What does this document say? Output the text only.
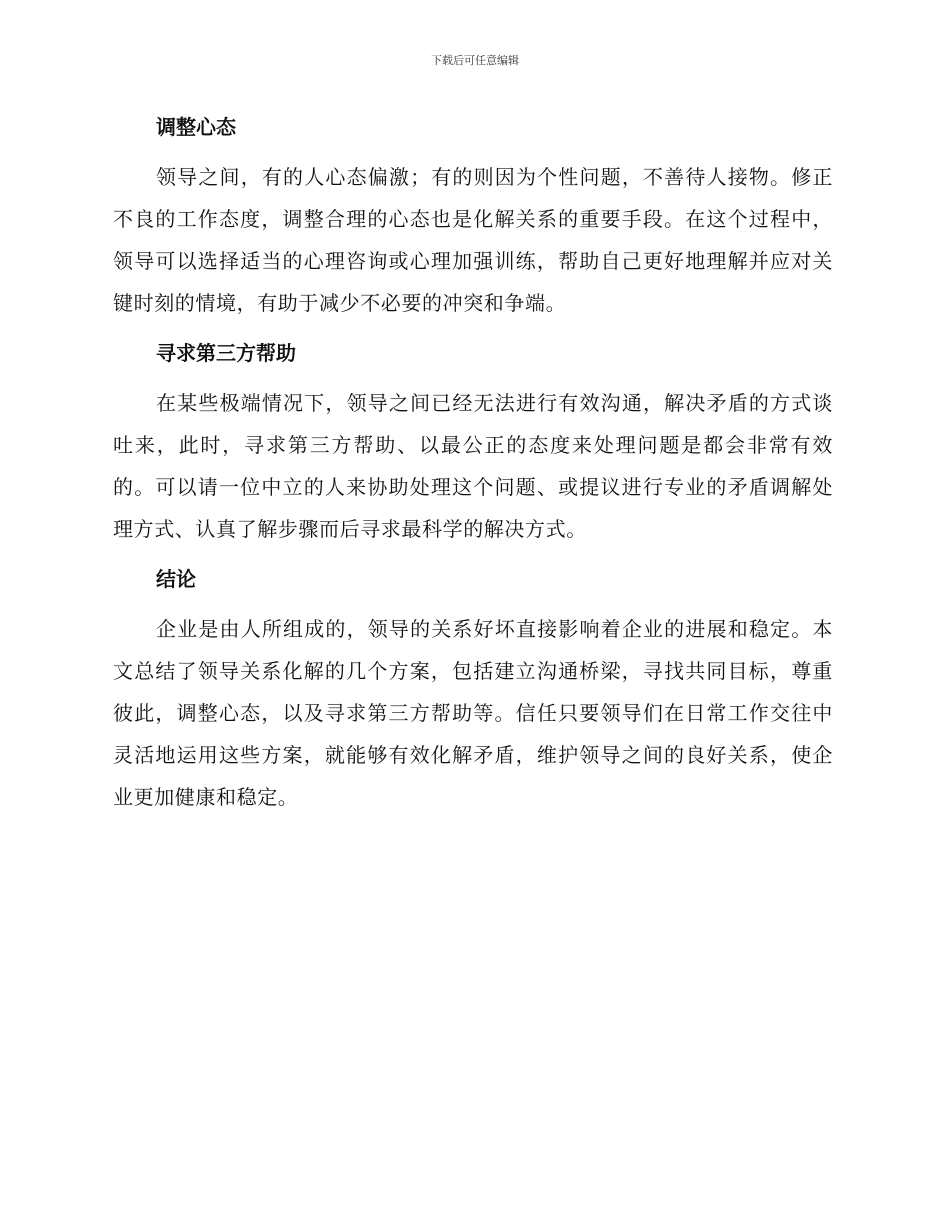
下载后可任意编辑
调整心态

领导之间，有的人心态偏激；有的则因为个性问题，不善待人接物。修正不良的工作态度，调整合理的心态也是化解关系的重要手段。在这个过程中，领导可以选择适当的心理咨询或心理加强训练，帮助自己更好地理解并应对关键时刻的情境，有助于减少不必要的冲突和争端。

寻求第三方帮助

在某些极端情况下，领导之间已经无法进行有效沟通，解决矛盾的方式谈吐来，此时，寻求第三方帮助、以最公正的态度来处理问题是都会非常有效的。可以请一位中立的人来协助处理这个问题、或提议进行专业的矛盾调解处理方式、认真了解步骤而后寻求最科学的解决方式。

结论

企业是由人所组成的，领导的关系好坏直接影响着企业的进展和稳定。本文总结了领导关系化解的几个方案，包括建立沟通桥梁，寻找共同目标，尊重彼此，调整心态，以及寻求第三方帮助等。信任只要领导们在日常工作交往中灵活地运用这些方案，就能够有效化解矛盾，维护领导之间的良好关系，使企业更加健康和稳定。
